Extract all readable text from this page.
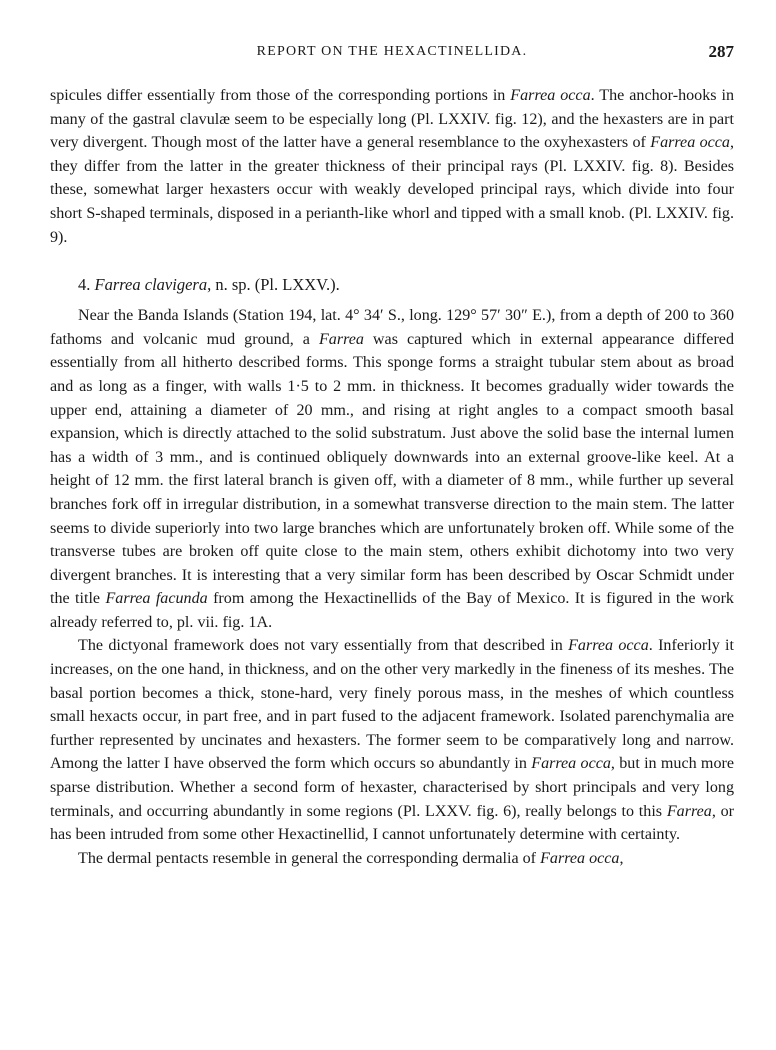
REPORT ON THE HEXACTINELLIDA.	287

spicules differ essentially from those of the corresponding portions in Farrea occa. The anchor-hooks in many of the gastral clavulæ seem to be especially long (Pl. LXXIV. fig. 12), and the hexasters are in part very divergent. Though most of the latter have a general resemblance to the oxyhexasters of Farrea occa, they differ from the latter in the greater thickness of their principal rays (Pl. LXXIV. fig. 8). Besides these, somewhat larger hexasters occur with weakly developed principal rays, which divide into four short S-shaped terminals, disposed in a perianth-like whorl and tipped with a small knob. (Pl. LXXIV. fig. 9).

4. Farrea clavigera, n. sp. (Pl. LXXV.).

Near the Banda Islands (Station 194, lat. 4° 34′ S., long. 129° 57′ 30″ E.), from a depth of 200 to 360 fathoms and volcanic mud ground, a Farrea was captured which in external appearance differed essentially from all hitherto described forms. This sponge forms a straight tubular stem about as broad and as long as a finger, with walls 1·5 to 2 mm. in thickness. It becomes gradually wider towards the upper end, attaining a diameter of 20 mm., and rising at right angles to a compact smooth basal expansion, which is directly attached to the solid substratum. Just above the solid base the internal lumen has a width of 3 mm., and is continued obliquely downwards into an external groove-like keel. At a height of 12 mm. the first lateral branch is given off, with a diameter of 8 mm., while further up several branches fork off in irregular distribution, in a somewhat transverse direction to the main stem. The latter seems to divide superiorly into two large branches which are unfortunately broken off. While some of the transverse tubes are broken off quite close to the main stem, others exhibit dichotomy into two very divergent branches. It is interesting that a very similar form has been described by Oscar Schmidt under the title Farrea facunda from among the Hexactinellids of the Bay of Mexico. It is figured in the work already referred to, pl. vii. fig. 1A.

The dictyonal framework does not vary essentially from that described in Farrea occa. Inferiorly it increases, on the one hand, in thickness, and on the other very markedly in the fineness of its meshes. The basal portion becomes a thick, stone-hard, very finely porous mass, in the meshes of which countless small hexacts occur, in part free, and in part fused to the adjacent framework. Isolated parenchymalia are further represented by uncinates and hexasters. The former seem to be comparatively long and narrow. Among the latter I have observed the form which occurs so abundantly in Farrea occa, but in much more sparse distribution. Whether a second form of hexaster, characterised by short principals and very long terminals, and occurring abundantly in some regions (Pl. LXXV. fig. 6), really belongs to this Farrea, or has been intruded from some other Hexactinellid, I cannot unfortunately determine with certainty.

The dermal pentacts resemble in general the corresponding dermalia of Farrea occa,
